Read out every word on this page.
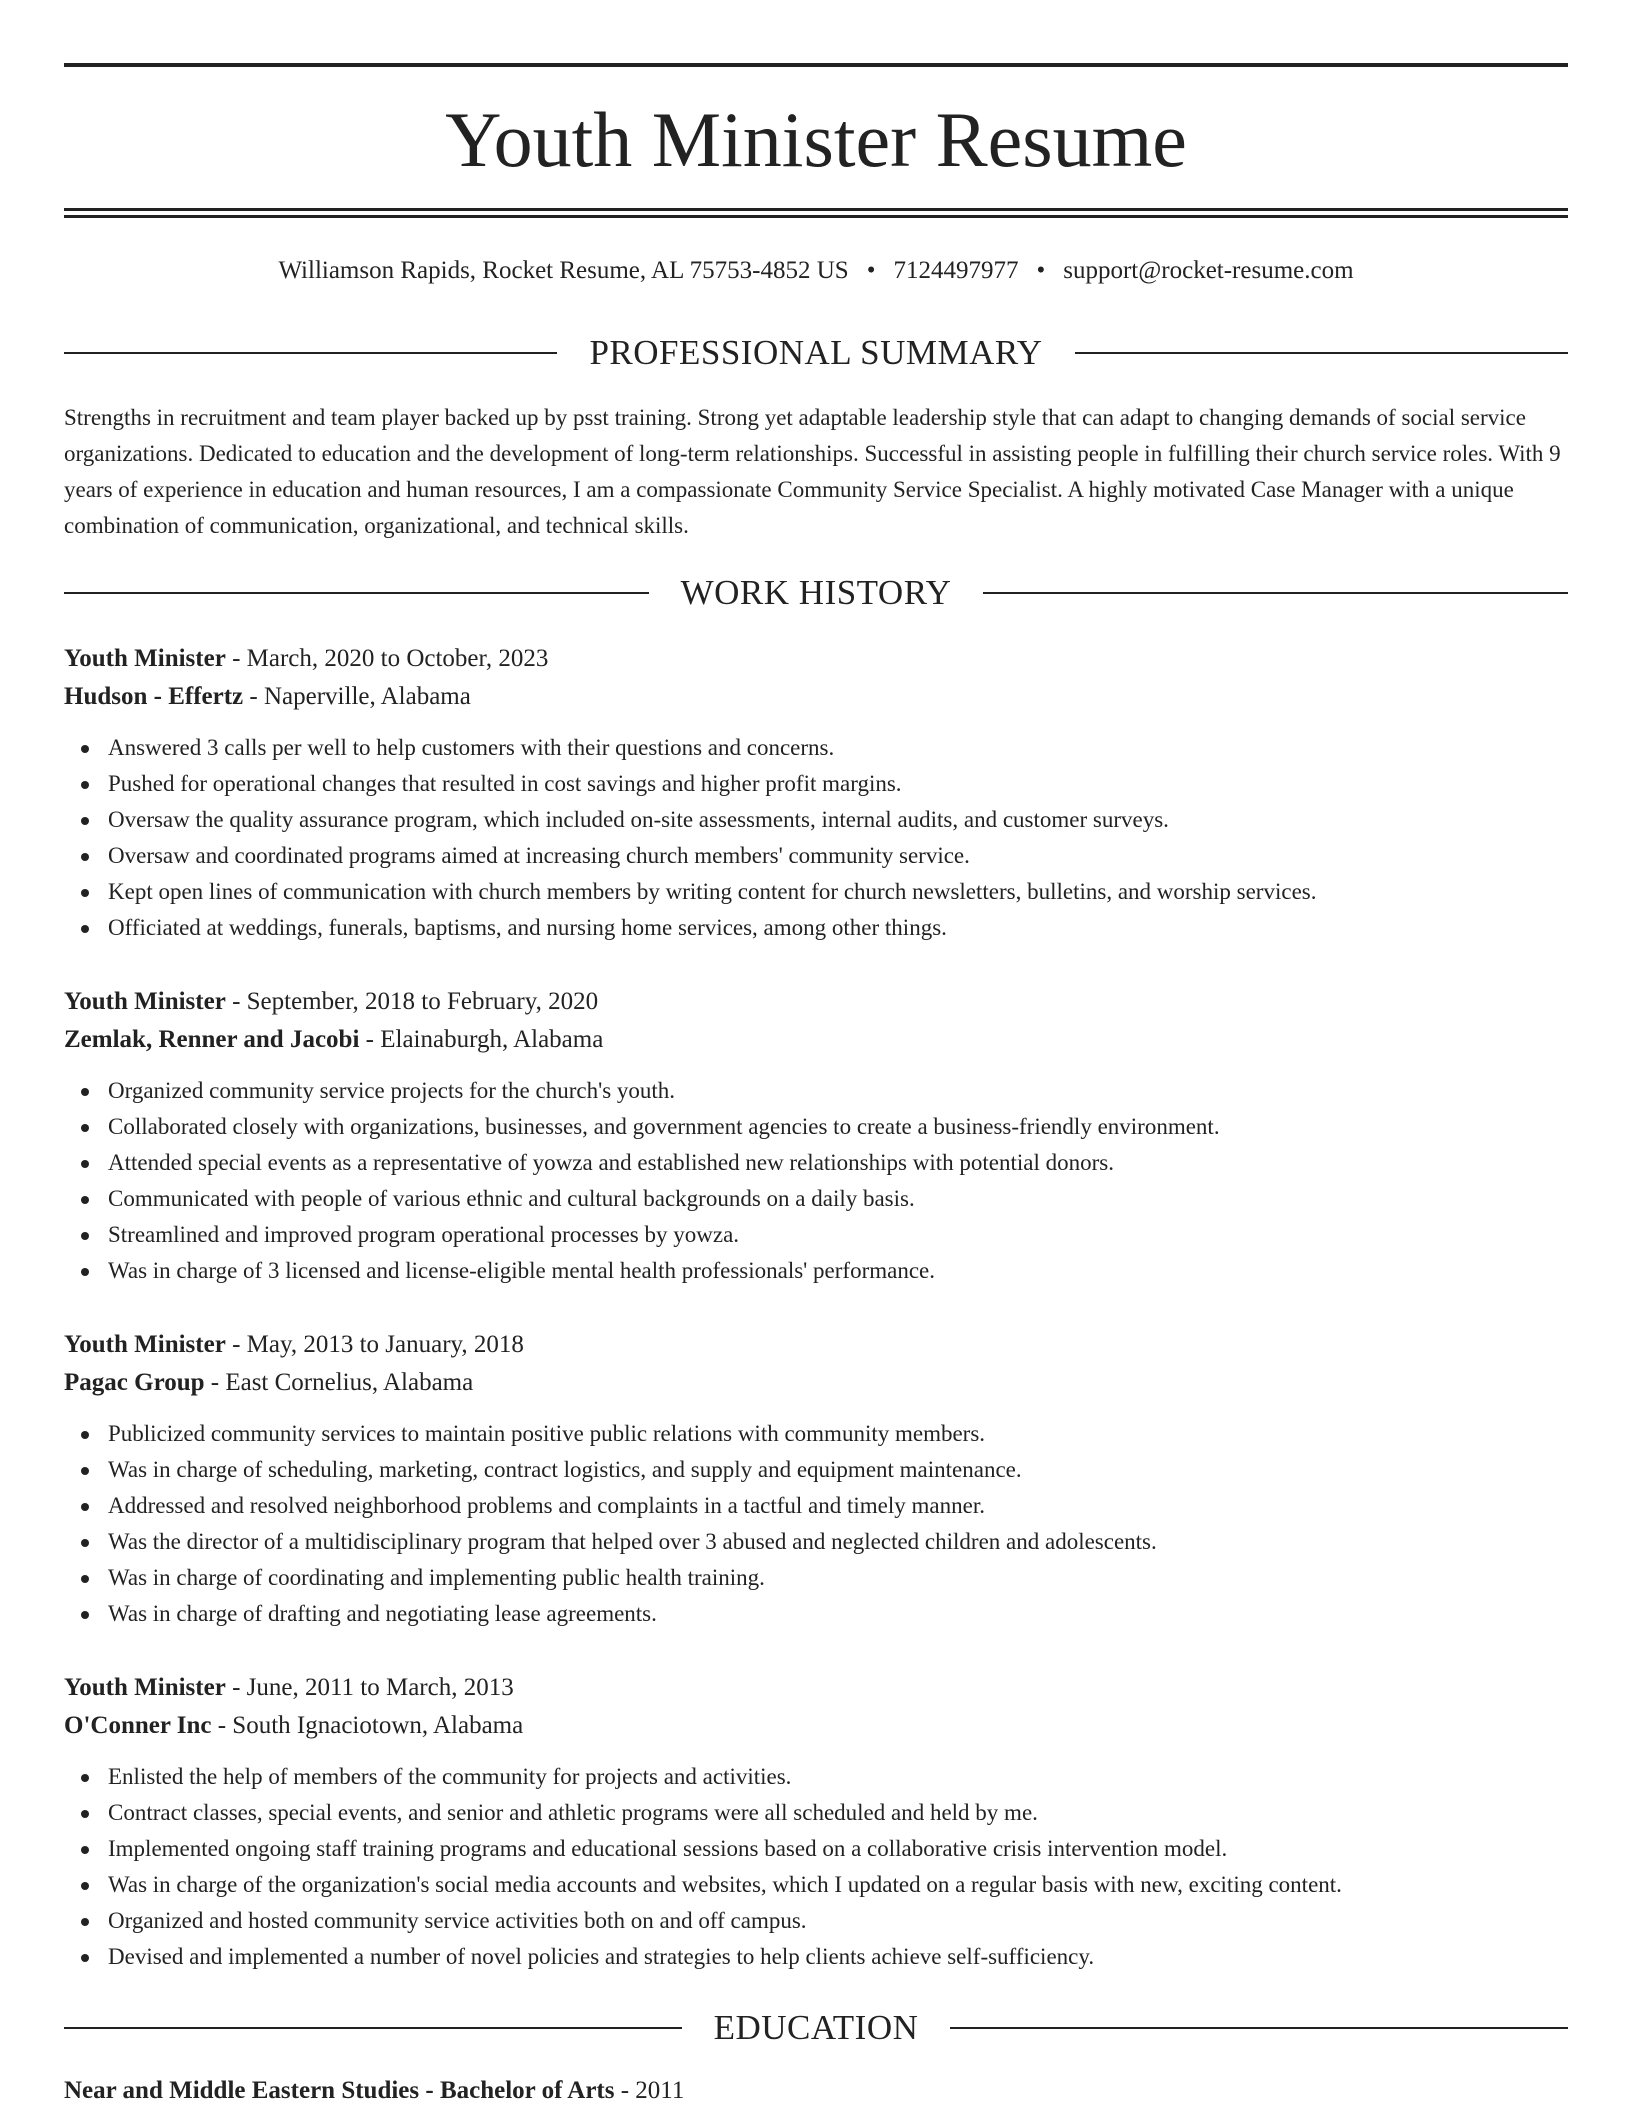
Youth Minister Resume
Williamson Rapids, Rocket Resume, AL 75753-4852 US • 7124497977 • support@rocket-resume.com
PROFESSIONAL SUMMARY

Strengths in recruitment and team player backed up by psst training. Strong yet adaptable leadership style that can adapt to changing demands of social service organizations. Dedicated to education and the development of long-term relationships. Successful in assisting people in fulfilling their church service roles. With 9 years of experience in education and human resources, I am a compassionate Community Service Specialist. A highly motivated Case Manager with a unique combination of communication, organizational, and technical skills.

WORK HISTORY
Youth Minister - March, 2020 to October, 2023
Hudson - Effertz - Naperville, Alabama
Answered 3 calls per well to help customers with their questions and concerns.
Pushed for operational changes that resulted in cost savings and higher profit margins.
Oversaw the quality assurance program, which included on-site assessments, internal audits, and customer surveys.
Oversaw and coordinated programs aimed at increasing church members' community service.
Kept open lines of communication with church members by writing content for church newsletters, bulletins, and worship services.
Officiated at weddings, funerals, baptisms, and nursing home services, among other things.
Youth Minister - September, 2018 to February, 2020
Zemlak, Renner and Jacobi - Elainaburgh, Alabama
Organized community service projects for the church's youth.
Collaborated closely with organizations, businesses, and government agencies to create a business-friendly environment.
Attended special events as a representative of yowza and established new relationships with potential donors.
Communicated with people of various ethnic and cultural backgrounds on a daily basis.
Streamlined and improved program operational processes by yowza.
Was in charge of 3 licensed and license-eligible mental health professionals' performance.
Youth Minister - May, 2013 to January, 2018
Pagac Group - East Cornelius, Alabama
Publicized community services to maintain positive public relations with community members.
Was in charge of scheduling, marketing, contract logistics, and supply and equipment maintenance.
Addressed and resolved neighborhood problems and complaints in a tactful and timely manner.
Was the director of a multidisciplinary program that helped over 3 abused and neglected children and adolescents.
Was in charge of coordinating and implementing public health training.
Was in charge of drafting and negotiating lease agreements.
Youth Minister - June, 2011 to March, 2013
O'Conner Inc - South Ignaciotown, Alabama
Enlisted the help of members of the community for projects and activities.
Contract classes, special events, and senior and athletic programs were all scheduled and held by me.
Implemented ongoing staff training programs and educational sessions based on a collaborative crisis intervention model.
Was in charge of the organization's social media accounts and websites, which I updated on a regular basis with new, exciting content.
Organized and hosted community service activities both on and off campus.
Devised and implemented a number of novel policies and strategies to help clients achieve self-sufficiency.
EDUCATION
Near and Middle Eastern Studies - Bachelor of Arts - 2011
